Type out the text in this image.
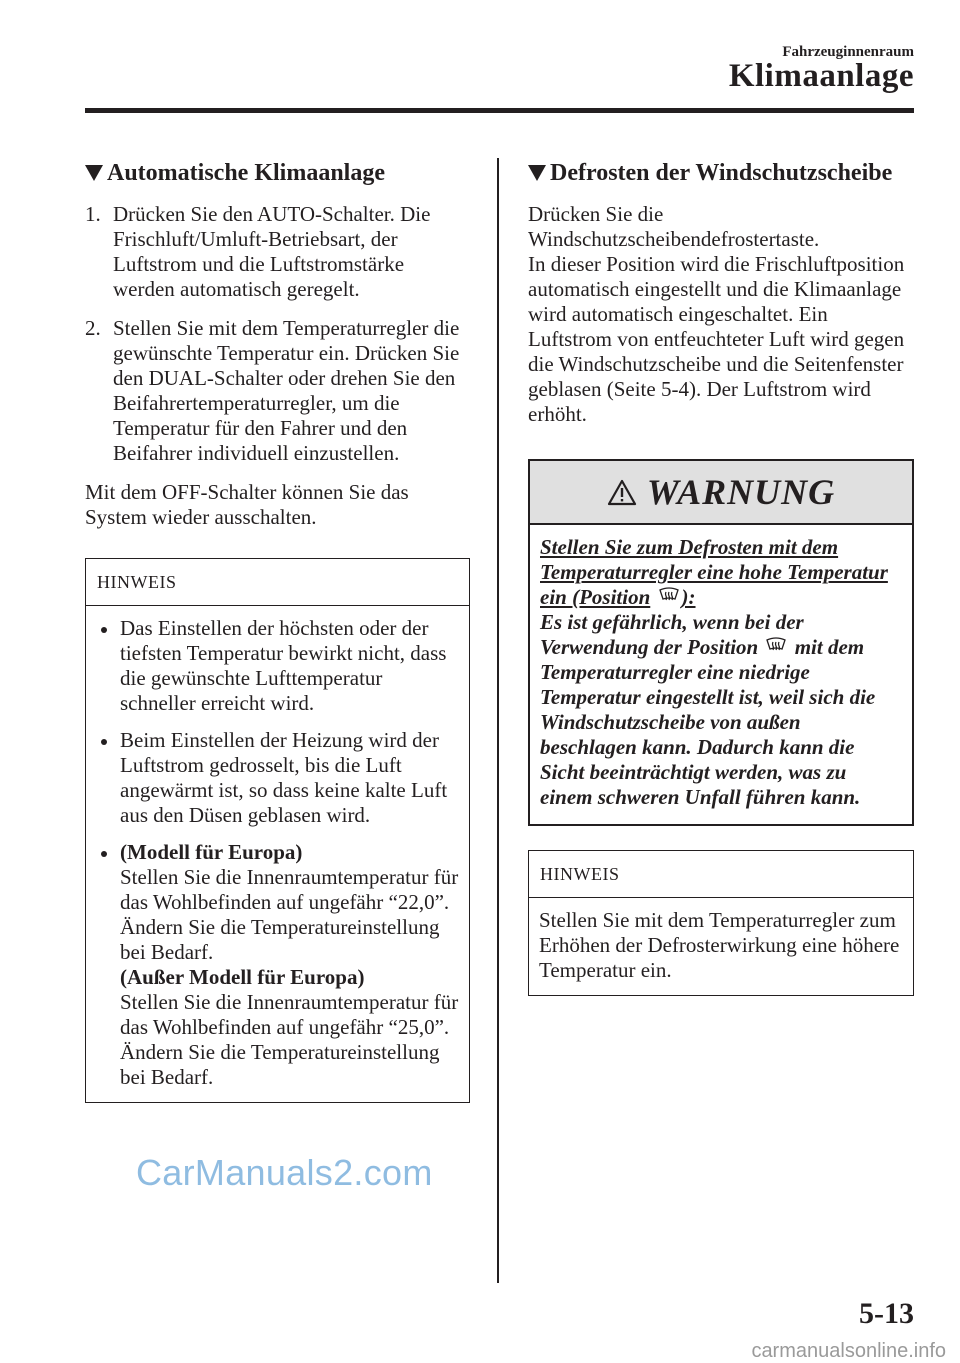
Fahrzeuginnenraum
Klimaanlage
Automatische Klimaanlage
1. Drücken Sie den AUTO-Schalter. Die Frischluft/Umluft-Betriebsart, der Luftstrom und die Luftstromstärke werden automatisch geregelt.
2. Stellen Sie mit dem Temperaturregler die gewünschte Temperatur ein. Drücken Sie den DUAL-Schalter oder drehen Sie den Beifahrertemperaturregler, um die Temperatur für den Fahrer und den Beifahrer individuell einzustellen.

Mit dem OFF-Schalter können Sie das System wieder ausschalten.

HINWEIS
Das Einstellen der höchsten oder der tiefsten Temperatur bewirkt nicht, dass die gewünschte Lufttemperatur schneller erreicht wird.
Beim Einstellen der Heizung wird der Luftstrom gedrosselt, bis die Luft angewärmt ist, so dass keine kalte Luft aus den Düsen geblasen wird.
(Modell für Europa)
Stellen Sie die Innenraumtemperatur für das Wohlbefinden auf ungefähr “22,0”. Ändern Sie die Temperatureinstellung bei Bedarf.
(Außer Modell für Europa)
Stellen Sie die Innenraumtemperatur für das Wohlbefinden auf ungefähr “25,0”. Ändern Sie die Temperatureinstellung bei Bedarf.
Defrosten der Windschutzscheibe

Drücken Sie die Windschutzscheibendefrostertaste.

In dieser Position wird die Frischluftposition automatisch eingestellt und die Klimaanlage wird automatisch eingeschaltet. Ein Luftstrom von entfeuchteter Luft wird gegen die Windschutzscheibe und die Seitenfenster geblasen (Seite 5-4). Der Luftstrom wird erhöht.

WARNUNG
Stellen Sie zum Defrosten mit dem Temperaturregler eine hohe Temperatur ein (Position ):
Es ist gefährlich, wenn bei der Verwendung der Position mit dem Temperaturregler eine niedrige Temperatur eingestellt ist, weil sich die Windschutzscheibe von außen beschlagen kann. Dadurch kann die Sicht beeinträchtigt werden, was zu einem schweren Unfall führen kann.
HINWEIS

Stellen Sie mit dem Temperaturregler zum Erhöhen der Defrosterwirkung eine höhere Temperatur ein.

CarManuals2.com
5-13
carmanualsonline.info
